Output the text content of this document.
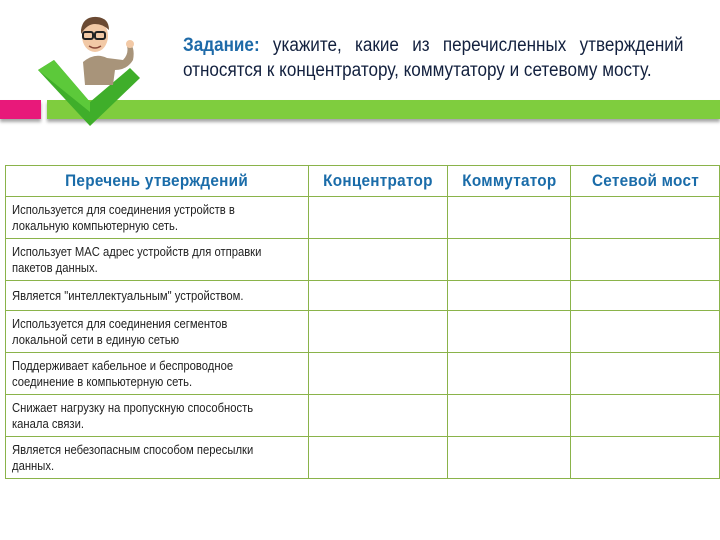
Задание: укажите, какие из перечисленных утверждений относятся к концентратору, коммутатору и сетевому мосту.
Перечень утверждений	Концентратор	Коммутатор	Сетевой мост

Используется для соединения устройств в локальную компьютерную сеть.			

Использует MAC адрес устройств для отправки пакетов данных.			

Является "интеллектуальным" устройством.			

Используется для соединения сегментов локальной сети в единую сетью			

Поддерживает кабельное и беспроводное соединение в компьютерную сеть.			

Снижает нагрузку на пропускную способность канала связи.			

Является небезопасным способом пересылки данных.			
